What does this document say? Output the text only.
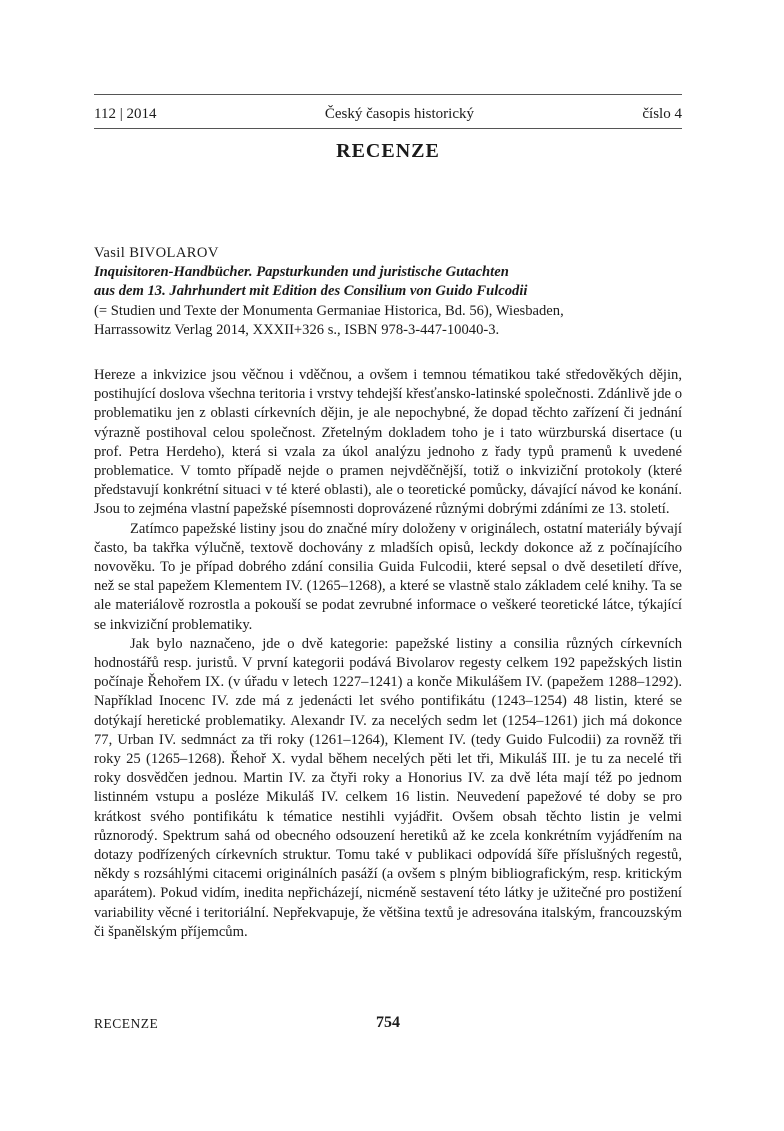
112 | 2014	Český časopis historický	číslo 4
RECENZE
Vasil BIVOLAROV
Inquisitoren-Handbücher. Papsturkunden und juristische Gutachten
aus dem 13. Jahrhundert mit Edition des Consilium von Guido Fulcodii
(= Studien und Texte der Monumenta Germaniae Historica, Bd. 56), Wiesbaden,
Harrassowitz Verlag 2014, XXXII+326 s., ISBN 978-3-447-10040-3.

Hereze a inkvizice jsou věčnou i vděčnou, a ovšem i temnou tématikou také středověkých dějin, postihující doslova všechna teritoria i vrstvy tehdejší křesťansko-latinské společnosti. Zdánlivě jde o problematiku jen z oblasti církevních dějin, je ale nepochybné, že dopad těchto zařízení či jednání výrazně postihoval celou společnost. Zřetelným dokladem toho je i tato würzburská disertace (u prof. Petra Herdeho), která si vzala za úkol analýzu jednoho z řady typů pramenů k uvedené problematice. V tomto případě nejde o pramen nejvděčnější, totiž o inkviziční protokoly (které představují konkrétní situaci v té které oblasti), ale o teoretické pomůcky, dávající návod ke konání. Jsou to zejména vlastní papežské písemnosti doprovázené různými dobrými zdáními ze 13. století.

Zatímco papežské listiny jsou do značné míry doloženy v originálech, ostatní materiály bývají často, ba takřka výlučně, textově dochovány z mladších opisů, leckdy dokonce až z počínajícího novověku. To je případ dobrého zdání consilia Guida Fulcodii, které sepsal o dvě desetiletí dříve, než se stal papežem Klementem IV. (1265–1268), a které se vlastně stalo základem celé knihy. Ta se ale materiálově rozrostla a pokouší se podat zevrubné informace o veškeré teoretické látce, týkající se inkviziční problematiky.

Jak bylo naznačeno, jde o dvě kategorie: papežské listiny a consilia různých církevních hodnostářů resp. juristů. V první kategorii podává Bivolarov regesty celkem 192 papežských listin počínaje Řehořem IX. (v úřadu v letech 1227–1241) a konče Mikulášem IV. (papežem 1288–1292). Například Inocenc IV. zde má z jedenácti let svého pontifikátu (1243–1254) 48 listin, které se dotýkají heretické problematiky. Alexandr IV. za necelých sedm let (1254–1261) jich má dokonce 77, Urban IV. sedmnáct za tři roky (1261–1264), Klement IV. (tedy Guido Fulcodii) za rovněž tři roky 25 (1265–1268). Řehoř X. vydal během necelých pěti let tři, Mikuláš III. je tu za necelé tři roky dosvědčen jednou. Martin IV. za čtyři roky a Honorius IV. za dvě léta mají též po jednom listinném vstupu a posléze Mikuláš IV. celkem 16 listin. Neuvedení papežové té doby se pro krátkost svého pontifikátu k tématice nestihli vyjádřit. Ovšem obsah těchto listin je velmi různorodý. Spektrum sahá od obecného odsouzení heretiků až ke zcela konkrétním vyjádřením na dotazy podřízených církevních struktur. Tomu také v publikaci odpovídá šíře příslušných regestů, někdy s rozsáhlými citacemi originálních pasáží (a ovšem s plným bibliografickým, resp. kritickým aparátem). Pokud vidím, inedita nepřicházejí, nicméně sestavení této látky je užitečné pro postižení variability věcné i teritoriální. Nepřekvapuje, že většina textů je adresována italským, francouzským či španělským příjemcům.

RECENZE	754
